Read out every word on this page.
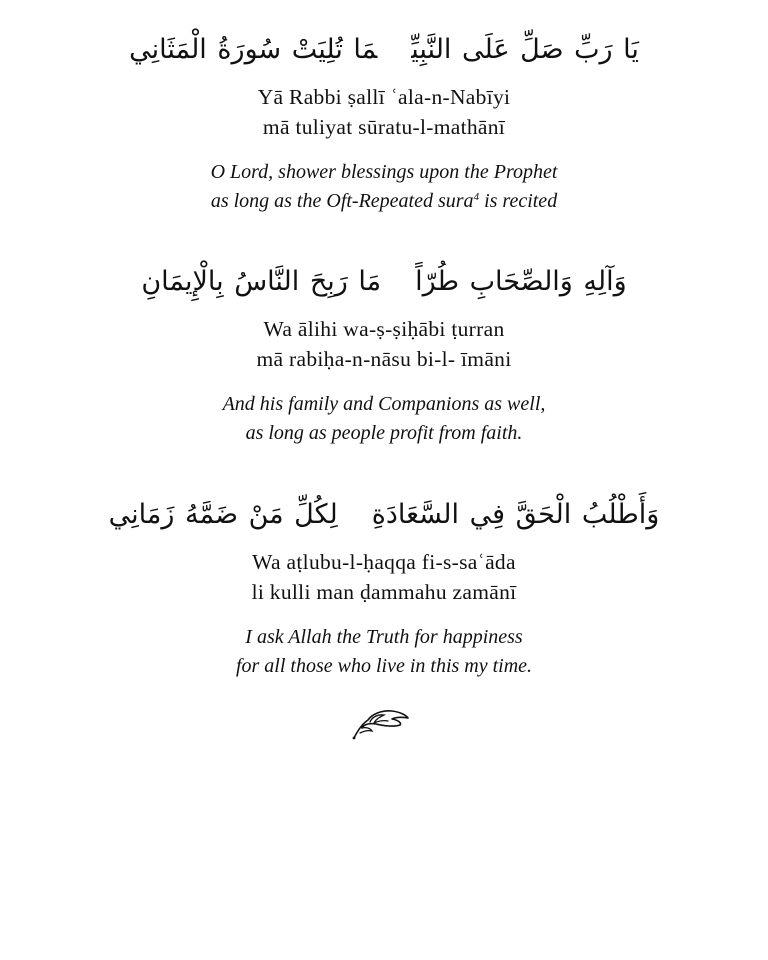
يَا رَبِّ صَلِّ عَلَى النَّبِيِّمَا تُلِيَتْ سُورَةُ الْمَثَانِي
Yā Rabbi ṣallī ʿala-n-Nabīyi
mā tuliyat sūratu-l-mathānī
O Lord, shower blessings upon the Prophet
as long as the Oft-Repeated sura$^4$ is recited
وَآلِهِ وَالصِّحَابِ طُرّاًمَا رَبِحَ النَّاسُ بِالْإِيمَانِ
Wa ālihi wa-ṣ-ṣiḥābi ṭurran
mā rabiḥa-n-nāsu bi-l- īmāni
And his family and Companions as well,
as long as people profit from faith.
وَأَطْلُبُ الْحَقَّ فِي السَّعَادَةِلِكُلِّ مَنْ ضَمَّهُ زَمَانِي
Wa aṭlubu-l-ḥaqqa fi-s-saʿāda
li kulli man ḍammahu zamānī
I ask Allah the Truth for happiness
for all those who live in this my time.
